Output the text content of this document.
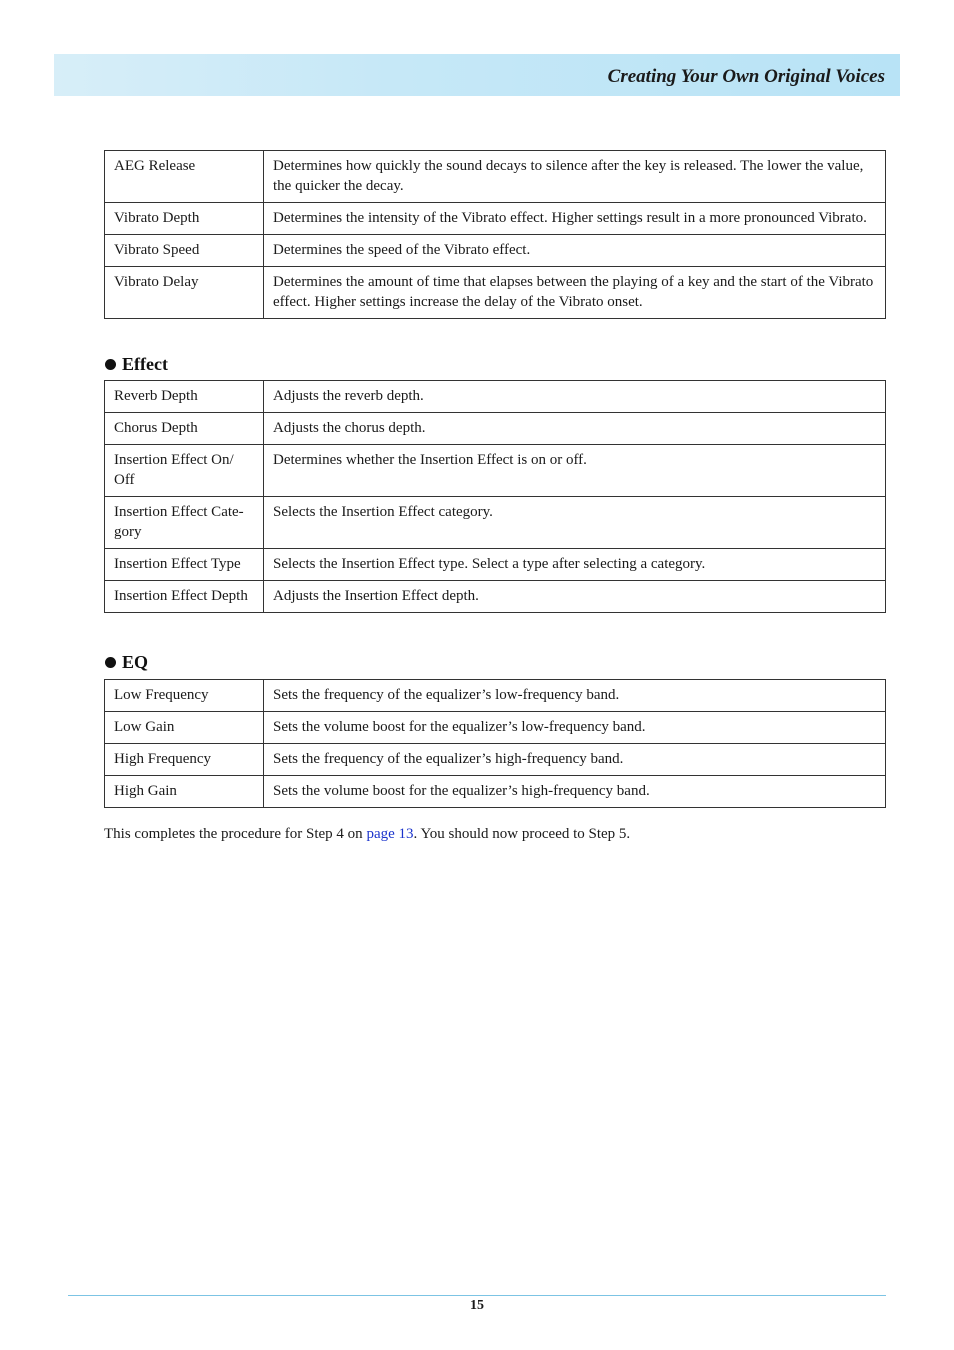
Creating Your Own Original Voices
AEG Release	Determines how quickly the sound decays to silence after the key is released. The lower the value, the quicker the decay.
Vibrato Depth	Determines the intensity of the Vibrato effect. Higher settings result in a more pronounced Vibrato.
Vibrato Speed	Determines the speed of the Vibrato effect.
Vibrato Delay	Determines the amount of time that elapses between the playing of a key and the start of the Vibrato effect. Higher settings increase the delay of the Vibrato onset.
Effect
Reverb Depth	Adjusts the reverb depth.
Chorus Depth	Adjusts the chorus depth.
Insertion Effect On/ Off	Determines whether the Insertion Effect is on or off.
Insertion Effect Cate-gory	Selects the Insertion Effect category.
Insertion Effect Type	Selects the Insertion Effect type. Select a type after selecting a category.
Insertion Effect Depth	Adjusts the Insertion Effect depth.
EQ
Low Frequency	Sets the frequency of the equalizer’s low-frequency band.
Low Gain	Sets the volume boost for the equalizer’s low-frequency band.
High Frequency	Sets the frequency of the equalizer’s high-frequency band.
High Gain	Sets the volume boost for the equalizer’s high-frequency band.
This completes the procedure for Step 4 on page 13. You should now proceed to Step 5.
15
